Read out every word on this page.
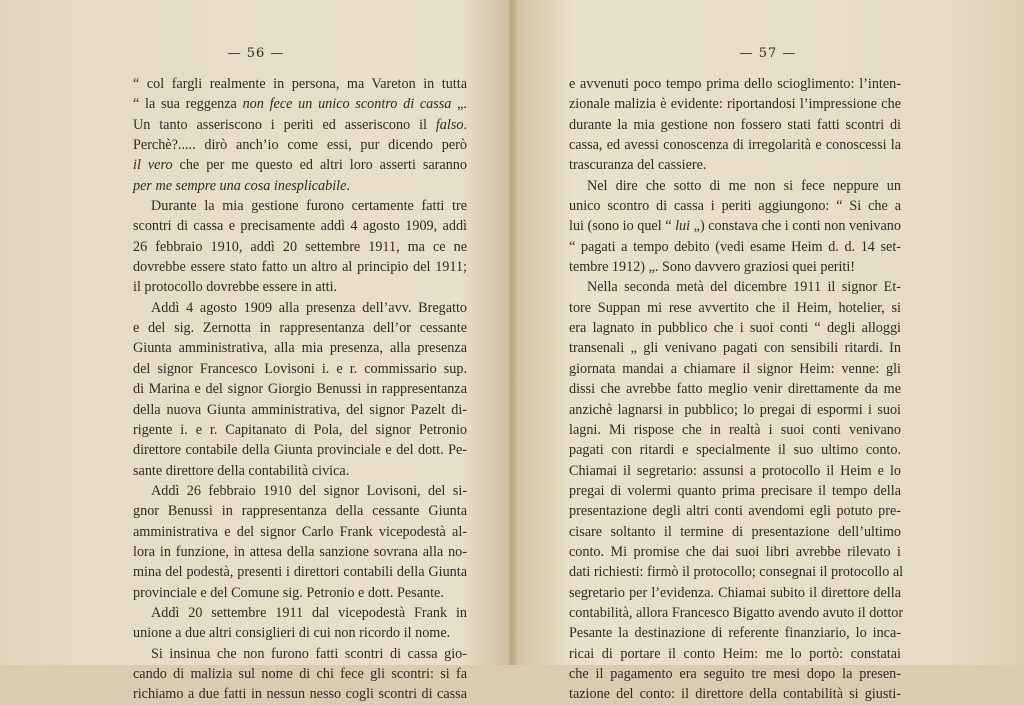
— 56 —
“ col fargli realmente in persona, ma Vareton in tutta
“ la sua reggenza non fece un unico scontro di cassa „.
Un tanto asseriscono i periti ed asseriscono il falso.
Perchè?..... dirò anch’io come essi, pur dicendo però
il vero che per me questo ed altri loro asserti saranno
per me sempre una cosa inesplicabile.
Durante la mia gestione furono certamente fatti tre
scontri di cassa e precisamente addì 4 agosto 1909, addì
26 febbraio 1910, addì 20 settembre 1911, ma ce ne
dovrebbe essere stato fatto un altro al principio del 1911;
il protocollo dovrebbe essere in atti.
Addì 4 agosto 1909 alla presenza dell’avv. Bregatto
e del sig. Zernotta in rappresentanza dell’or cessante
Giunta amministrativa, alla mia presenza, alla presenza
del signor Francesco Lovisoni i. e r. commissario sup.
di Marina e del signor Giorgio Benussi in rappresentanza
della nuova Giunta amministrativa, del signor Pazelt di-
rigente i. e r. Capitanato di Pola, del signor Petronio
direttore contabile della Giunta provinciale e del dott. Pe-
sante direttore della contabilità civica.
Addì 26 febbraio 1910 del signor Lovisoni, del si-
gnor Benussi in rappresentanza della cessante Giunta
amministrativa e del signor Carlo Frank vicepodestà al-
lora in funzione, in attesa della sanzione sovrana alla no-
mina del podestà, presenti i direttori contabili della Giunta
provinciale e del Comune sig. Petronio e dott. Pesante.
Addì 20 settembre 1911 dal vicepodestà Frank in
unione a due altri consiglieri di cui non ricordo il nome.
Si insinua che non furono fatti scontri di cassa gio-
cando di malizia sul nome di chi fece gli scontri: si fa
richiamo a due fatti in nessun nesso cogli scontri di cassa
— 57 —
e avvenuti poco tempo prima dello scioglimento: l’inten-
zionale malizia è evidente: riportandosi l’impressione che
durante la mia gestione non fossero stati fatti scontri di
cassa, ed avessi conoscenza di irregolarità e conoscessi la
trascuranza del cassiere.
Nel dire che sotto di me non si fece neppure un
unico scontro di cassa i periti aggiungono: “ Si che a
lui (sono io quel “ lui „) constava che i conti non venivano
“ pagati a tempo debito (vedi esame Heim d. d. 14 set-
tembre 1912) „. Sono davvero graziosi quei periti!
Nella seconda metà del dicembre 1911 il signor Et-
tore Suppan mi rese avvertito che il Heim, hotelier, si
era lagnato in pubblico che i suoi conti “ degli alloggi
transenali „ gli venivano pagati con sensibili ritardi. In
giornata mandai a chiamare il signor Heim: venne: gli
dissi che avrebbe fatto meglio venir direttamente da me
anzichè lagnarsi in pubblico; lo pregai di espormi i suoi
lagni. Mi rispose che in realtà i suoi conti venivano
pagati con ritardi e specialmente il suo ultimo conto.
Chiamai il segretario: assunsi a protocollo il Heim e lo
pregai di volermi quanto prima precisare il tempo della
presentazione degli altri conti avendomi egli potuto pre-
cisare soltanto il termine di presentazione dell’ultimo
conto. Mi promise che dai suoi libri avrebbe rilevato i
dati richiesti: firmò il protocollo; consegnai il protocollo al
segretario per l’evidenza. Chiamai subito il direttore della
contabilità, allora Francesco Bigatto avendo avuto il dottor
Pesante la destinazione di referente finanziario, lo inca-
ricai di portare il conto Heim: me lo portò: constatai
che il pagamento era seguito tre mesi dopo la presen-
tazione del conto: il direttore della contabilità si giusti-
